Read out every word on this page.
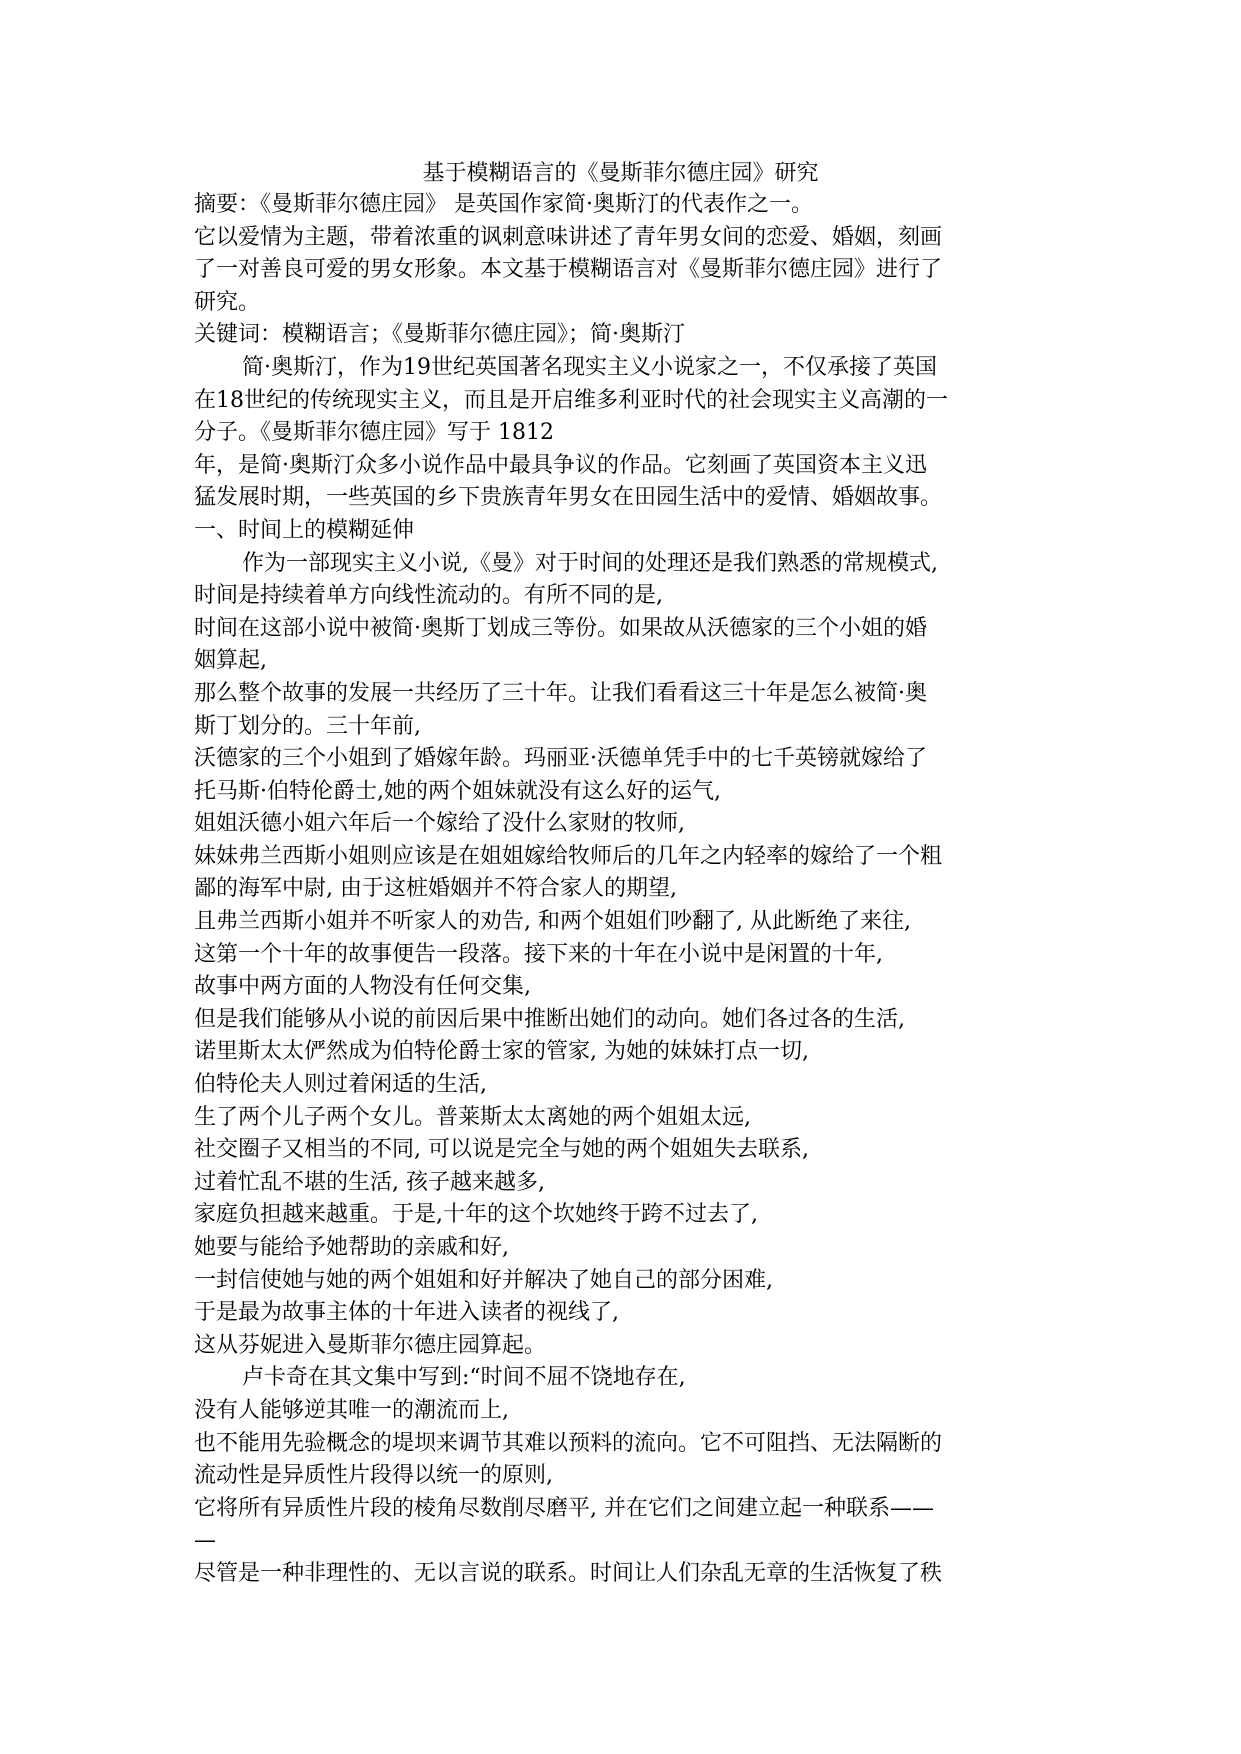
基于模糊语言的《曼斯菲尔德庄园》研究
摘要：《曼斯菲尔德庄园》 是英国作家简·奥斯汀的代表作之一。
它以爱情为主题，带着浓重的讽刺意味讲述了青年男女间的恋爱、婚姻，刻画
了一对善良可爱的男女形象。本文基于模糊语言对《曼斯菲尔德庄园》进行了
研究。
关键词：模糊语言；《曼斯菲尔德庄园》；简·奥斯汀
简·奥斯汀，作为19世纪英国著名现实主义小说家之一，不仅承接了英国
在18世纪的传统现实主义，而且是开启维多利亚时代的社会现实主义高潮的一
分子。《曼斯菲尔德庄园》写于 1812
年，是简·奥斯汀众多小说作品中最具争议的作品。它刻画了英国资本主义迅
猛发展时期，一些英国的乡下贵族青年男女在田园生活中的爱情、婚姻故事。
一、时间上的模糊延伸
作为一部现实主义小说,《曼》对于时间的处理还是我们熟悉的常规模式,
时间是持续着单方向线性流动的。有所不同的是,
时间在这部小说中被简·奥斯丁划成三等份。如果故从沃德家的三个小姐的婚
姻算起,
那么整个故事的发展一共经历了三十年。让我们看看这三十年是怎么被简·奥
斯丁划分的。三十年前,
沃德家的三个小姐到了婚嫁年龄。玛丽亚·沃德单凭手中的七千英镑就嫁给了
托马斯·伯特伦爵士,她的两个姐妹就没有这么好的运气,
姐姐沃德小姐六年后一个嫁给了没什么家财的牧师,
妹妹弗兰西斯小姐则应该是在姐姐嫁给牧师后的几年之内轻率的嫁给了一个粗
鄙的海军中尉, 由于这桩婚姻并不符合家人的期望,
且弗兰西斯小姐并不听家人的劝告, 和两个姐姐们吵翻了, 从此断绝了来往,
这第一个十年的故事便告一段落。接下来的十年在小说中是闲置的十年,
故事中两方面的人物没有任何交集,
但是我们能够从小说的前因后果中推断出她们的动向。她们各过各的生活,
诺里斯太太俨然成为伯特伦爵士家的管家, 为她的妹妹打点一切,
伯特伦夫人则过着闲适的生活,
生了两个儿子两个女儿。普莱斯太太离她的两个姐姐太远,
社交圈子又相当的不同, 可以说是完全与她的两个姐姐失去联系,
过着忙乱不堪的生活, 孩子越来越多,
家庭负担越来越重。于是,十年的这个坎她终于跨不过去了,
她要与能给予她帮助的亲戚和好,
一封信使她与她的两个姐姐和好并解决了她自己的部分困难,
于是最为故事主体的十年进入读者的视线了,
这从芬妮进入曼斯菲尔德庄园算起。
卢卡奇在其文集中写到:“时间不屈不饶地存在,
没有人能够逆其唯一的潮流而上,
也不能用先验概念的堤坝来调节其难以预料的流向。它不可阻挡、无法隔断的
流动性是异质性片段得以统一的原则,
它将所有异质性片段的棱角尽数削尽磨平, 并在它们之间建立起一种联系——
—
尽管是一种非理性的、无以言说的联系。时间让人们杂乱无章的生活恢复了秩
